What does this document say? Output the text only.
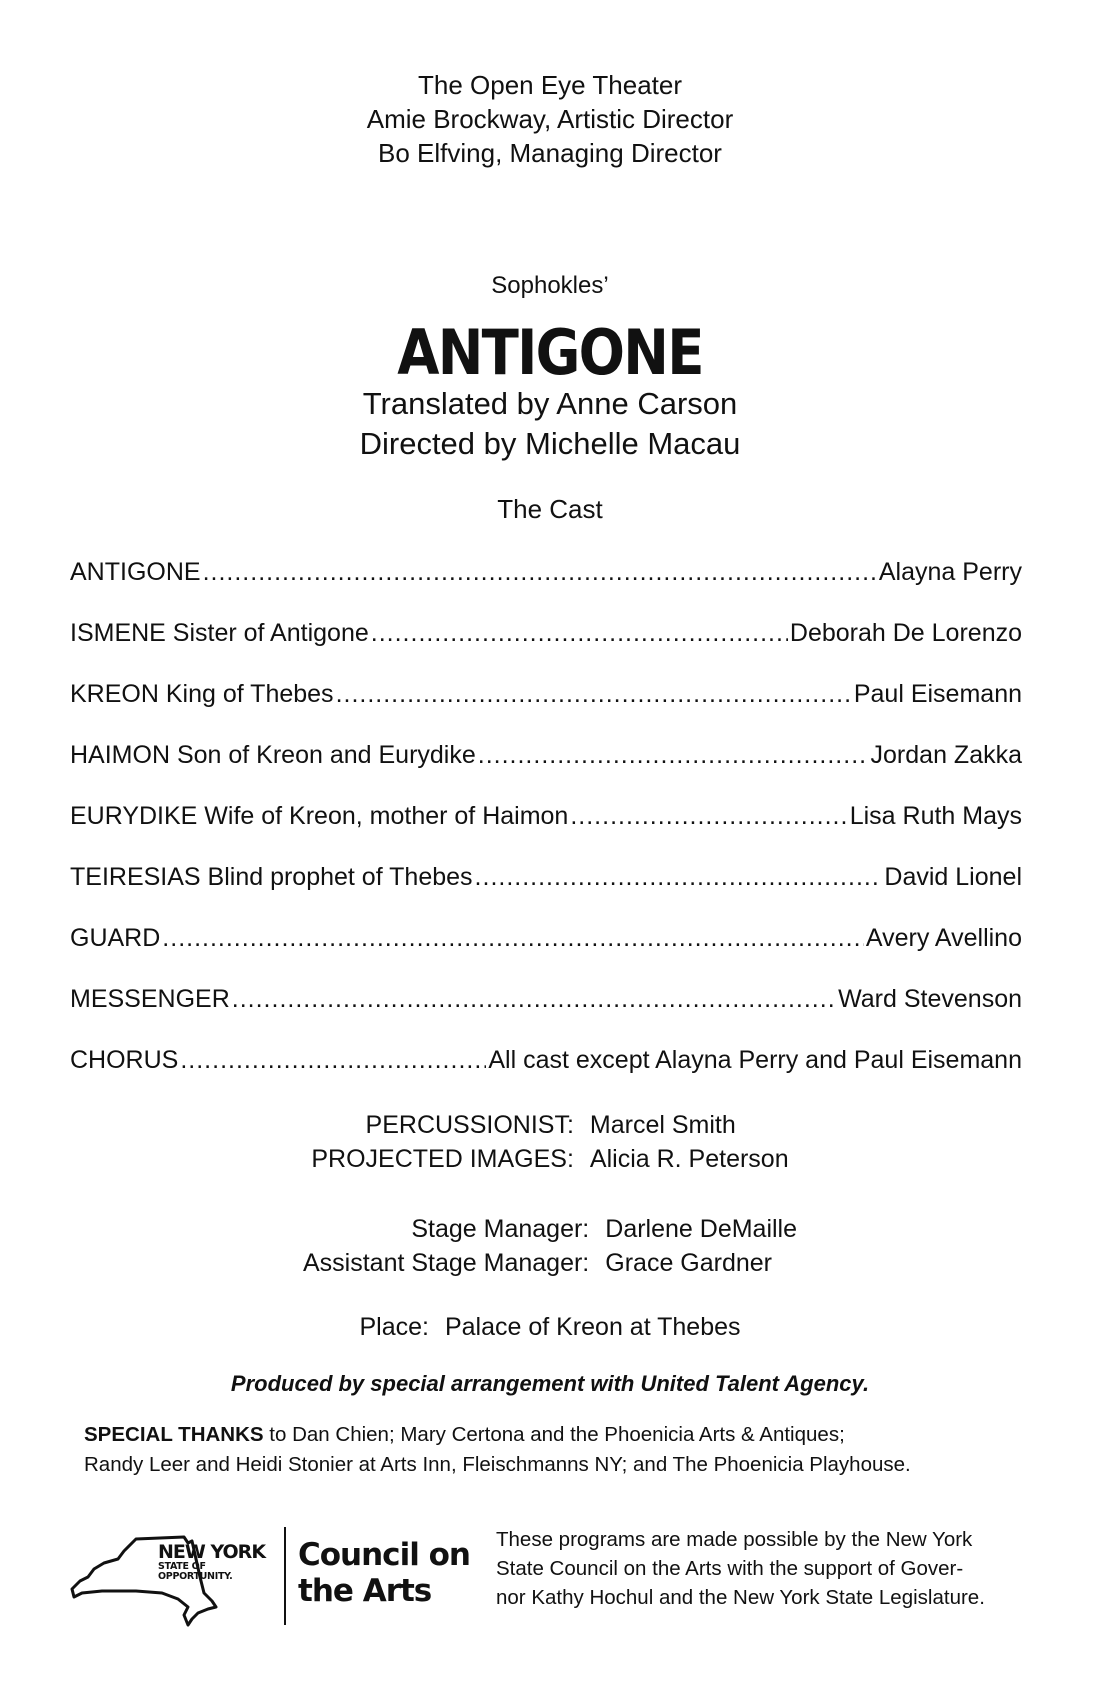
The Open Eye Theater
Amie Brockway, Artistic Director
Bo Elfving, Managing Director
Sophokles’
ANTIGONE
Translated by Anne Carson
Directed by Michelle Macau
The Cast
ANTIGONE .....	Alayna Perry
ISMENE Sister of Antigone .....	Deborah De Lorenzo
KREON King of Thebes .....	Paul Eisemann
HAIMON Son of Kreon and Eurydike .....	Jordan Zakka
EURYDIKE Wife of Kreon, mother of Haimon .....	Lisa Ruth Mays
TEIRESIAS Blind prophet of Thebes .....	David Lionel
GUARD .....	Avery Avellino
MESSENGER .....	Ward Stevenson
CHORUS .....	All cast except Alayna Perry and Paul Eisemann
PERCUSSIONIST:	Marcel Smith
PROJECTED IMAGES:	Alicia R. Peterson
Stage Manager:	Darlene DeMaille
Assistant Stage Manager:	Grace Gardner
Place:	Palace of Kreon at Thebes
Produced by special arrangement with United Talent Agency.
SPECIAL THANKS to Dan Chien; Mary Certona and the Phoenicia Arts & Antiques;
Randy Leer and Heidi Stonier at Arts Inn, Fleischmanns NY; and The Phoenicia Playhouse.
NEW YORK
STATE OF
OPPORTUNITY.
Council on
the Arts
These programs are made possible by the New York
State Council on the Arts with the support of Gover-
nor Kathy Hochul and the New York State Legislature.
